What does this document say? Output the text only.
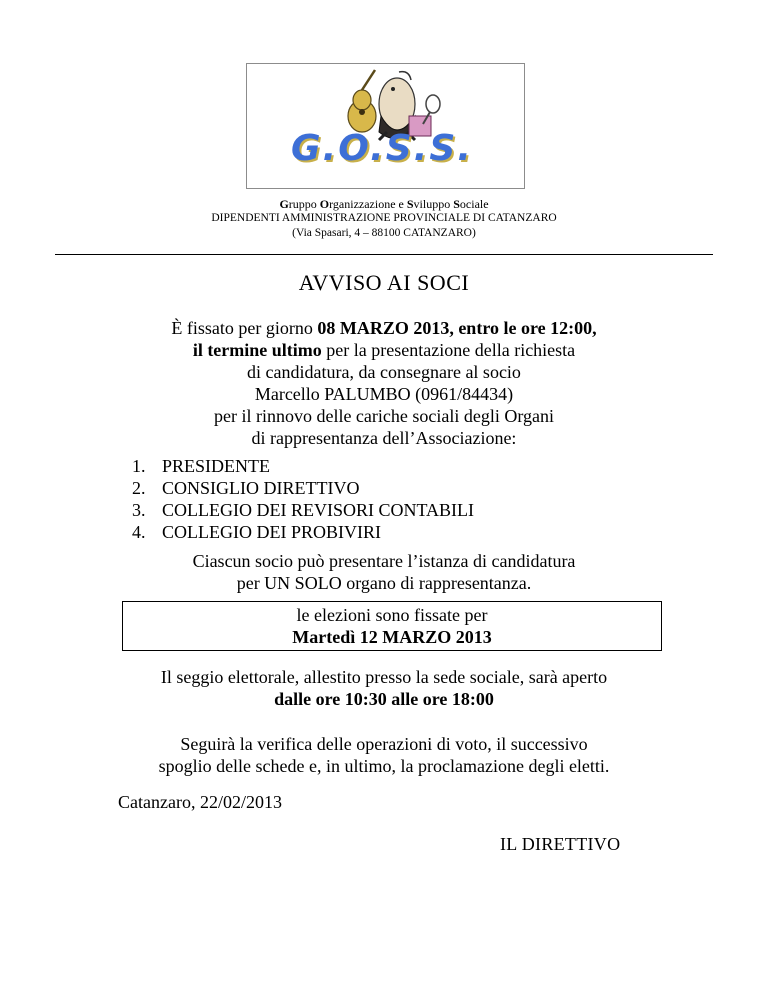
G.O.S.S.
Gruppo Organizzazione e Sviluppo Sociale
DIPENDENTI AMMINISTRAZIONE PROVINCIALE DI CATANZARO
(Via Spasari, 4 – 88100 CATANZARO)
AVVISO AI SOCI
È fissato per giorno 08 MARZO 2013, entro le ore 12:00,
il termine ultimo per la presentazione della richiesta
di candidatura, da consegnare al socio
Marcello PALUMBO (0961/84434)
per il rinnovo delle cariche sociali degli Organi
di rappresentanza dell’Associazione:
1. PRESIDENTE
2. CONSIGLIO DIRETTIVO
3. COLLEGIO DEI REVISORI CONTABILI
4. COLLEGIO DEI PROBIVIRI
Ciascun socio può presentare l’istanza di candidatura
per UN SOLO organo di rappresentanza.
le elezioni sono fissate per
Martedì 12 MARZO 2013
Il seggio elettorale, allestito presso la sede sociale, sarà aperto
dalle ore 10:30 alle ore 18:00
Seguirà la verifica delle operazioni di voto, il successivo
spoglio delle schede e, in ultimo, la proclamazione degli eletti.
Catanzaro, 22/02/2013
IL DIRETTIVO
